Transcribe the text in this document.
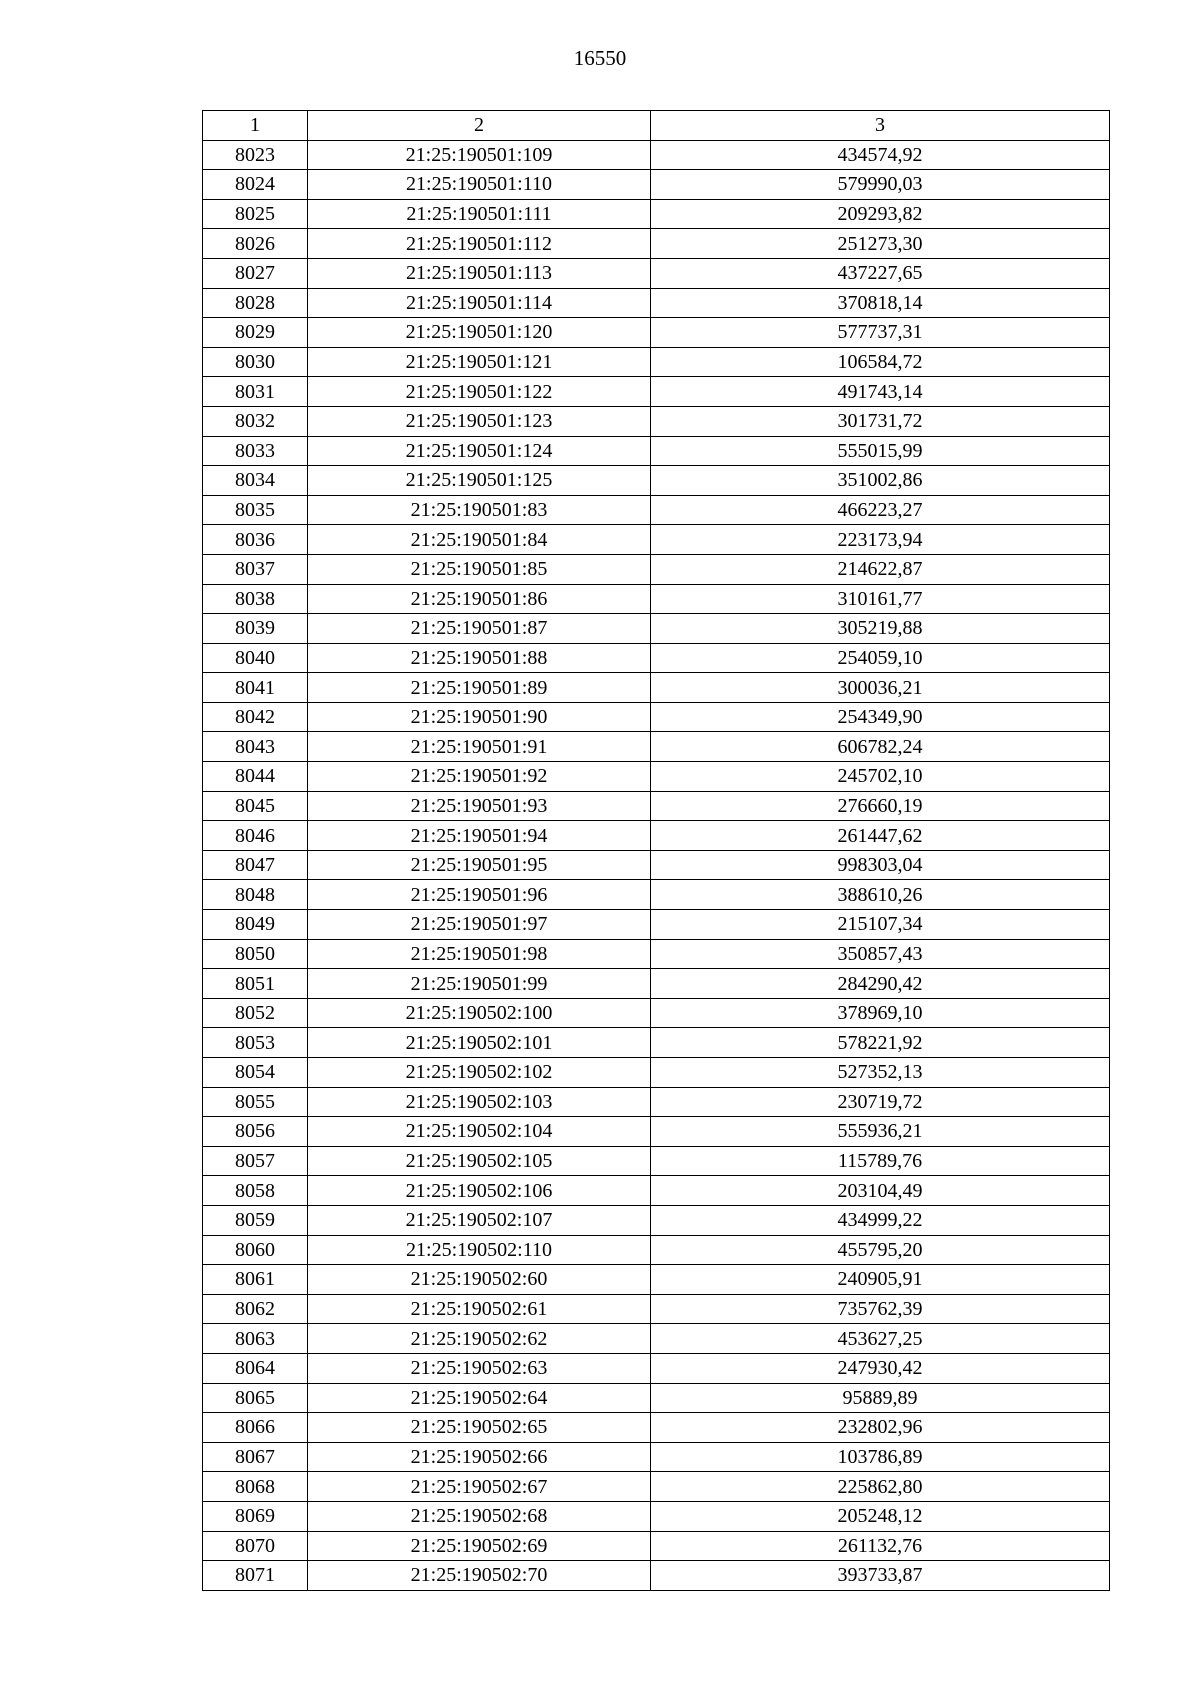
16550
1	2	3
8023	21:25:190501:109	434574,92
8024	21:25:190501:110	579990,03
8025	21:25:190501:111	209293,82
8026	21:25:190501:112	251273,30
8027	21:25:190501:113	437227,65
8028	21:25:190501:114	370818,14
8029	21:25:190501:120	577737,31
8030	21:25:190501:121	106584,72
8031	21:25:190501:122	491743,14
8032	21:25:190501:123	301731,72
8033	21:25:190501:124	555015,99
8034	21:25:190501:125	351002,86
8035	21:25:190501:83	466223,27
8036	21:25:190501:84	223173,94
8037	21:25:190501:85	214622,87
8038	21:25:190501:86	310161,77
8039	21:25:190501:87	305219,88
8040	21:25:190501:88	254059,10
8041	21:25:190501:89	300036,21
8042	21:25:190501:90	254349,90
8043	21:25:190501:91	606782,24
8044	21:25:190501:92	245702,10
8045	21:25:190501:93	276660,19
8046	21:25:190501:94	261447,62
8047	21:25:190501:95	998303,04
8048	21:25:190501:96	388610,26
8049	21:25:190501:97	215107,34
8050	21:25:190501:98	350857,43
8051	21:25:190501:99	284290,42
8052	21:25:190502:100	378969,10
8053	21:25:190502:101	578221,92
8054	21:25:190502:102	527352,13
8055	21:25:190502:103	230719,72
8056	21:25:190502:104	555936,21
8057	21:25:190502:105	115789,76
8058	21:25:190502:106	203104,49
8059	21:25:190502:107	434999,22
8060	21:25:190502:110	455795,20
8061	21:25:190502:60	240905,91
8062	21:25:190502:61	735762,39
8063	21:25:190502:62	453627,25
8064	21:25:190502:63	247930,42
8065	21:25:190502:64	95889,89
8066	21:25:190502:65	232802,96
8067	21:25:190502:66	103786,89
8068	21:25:190502:67	225862,80
8069	21:25:190502:68	205248,12
8070	21:25:190502:69	261132,76
8071	21:25:190502:70	393733,87
